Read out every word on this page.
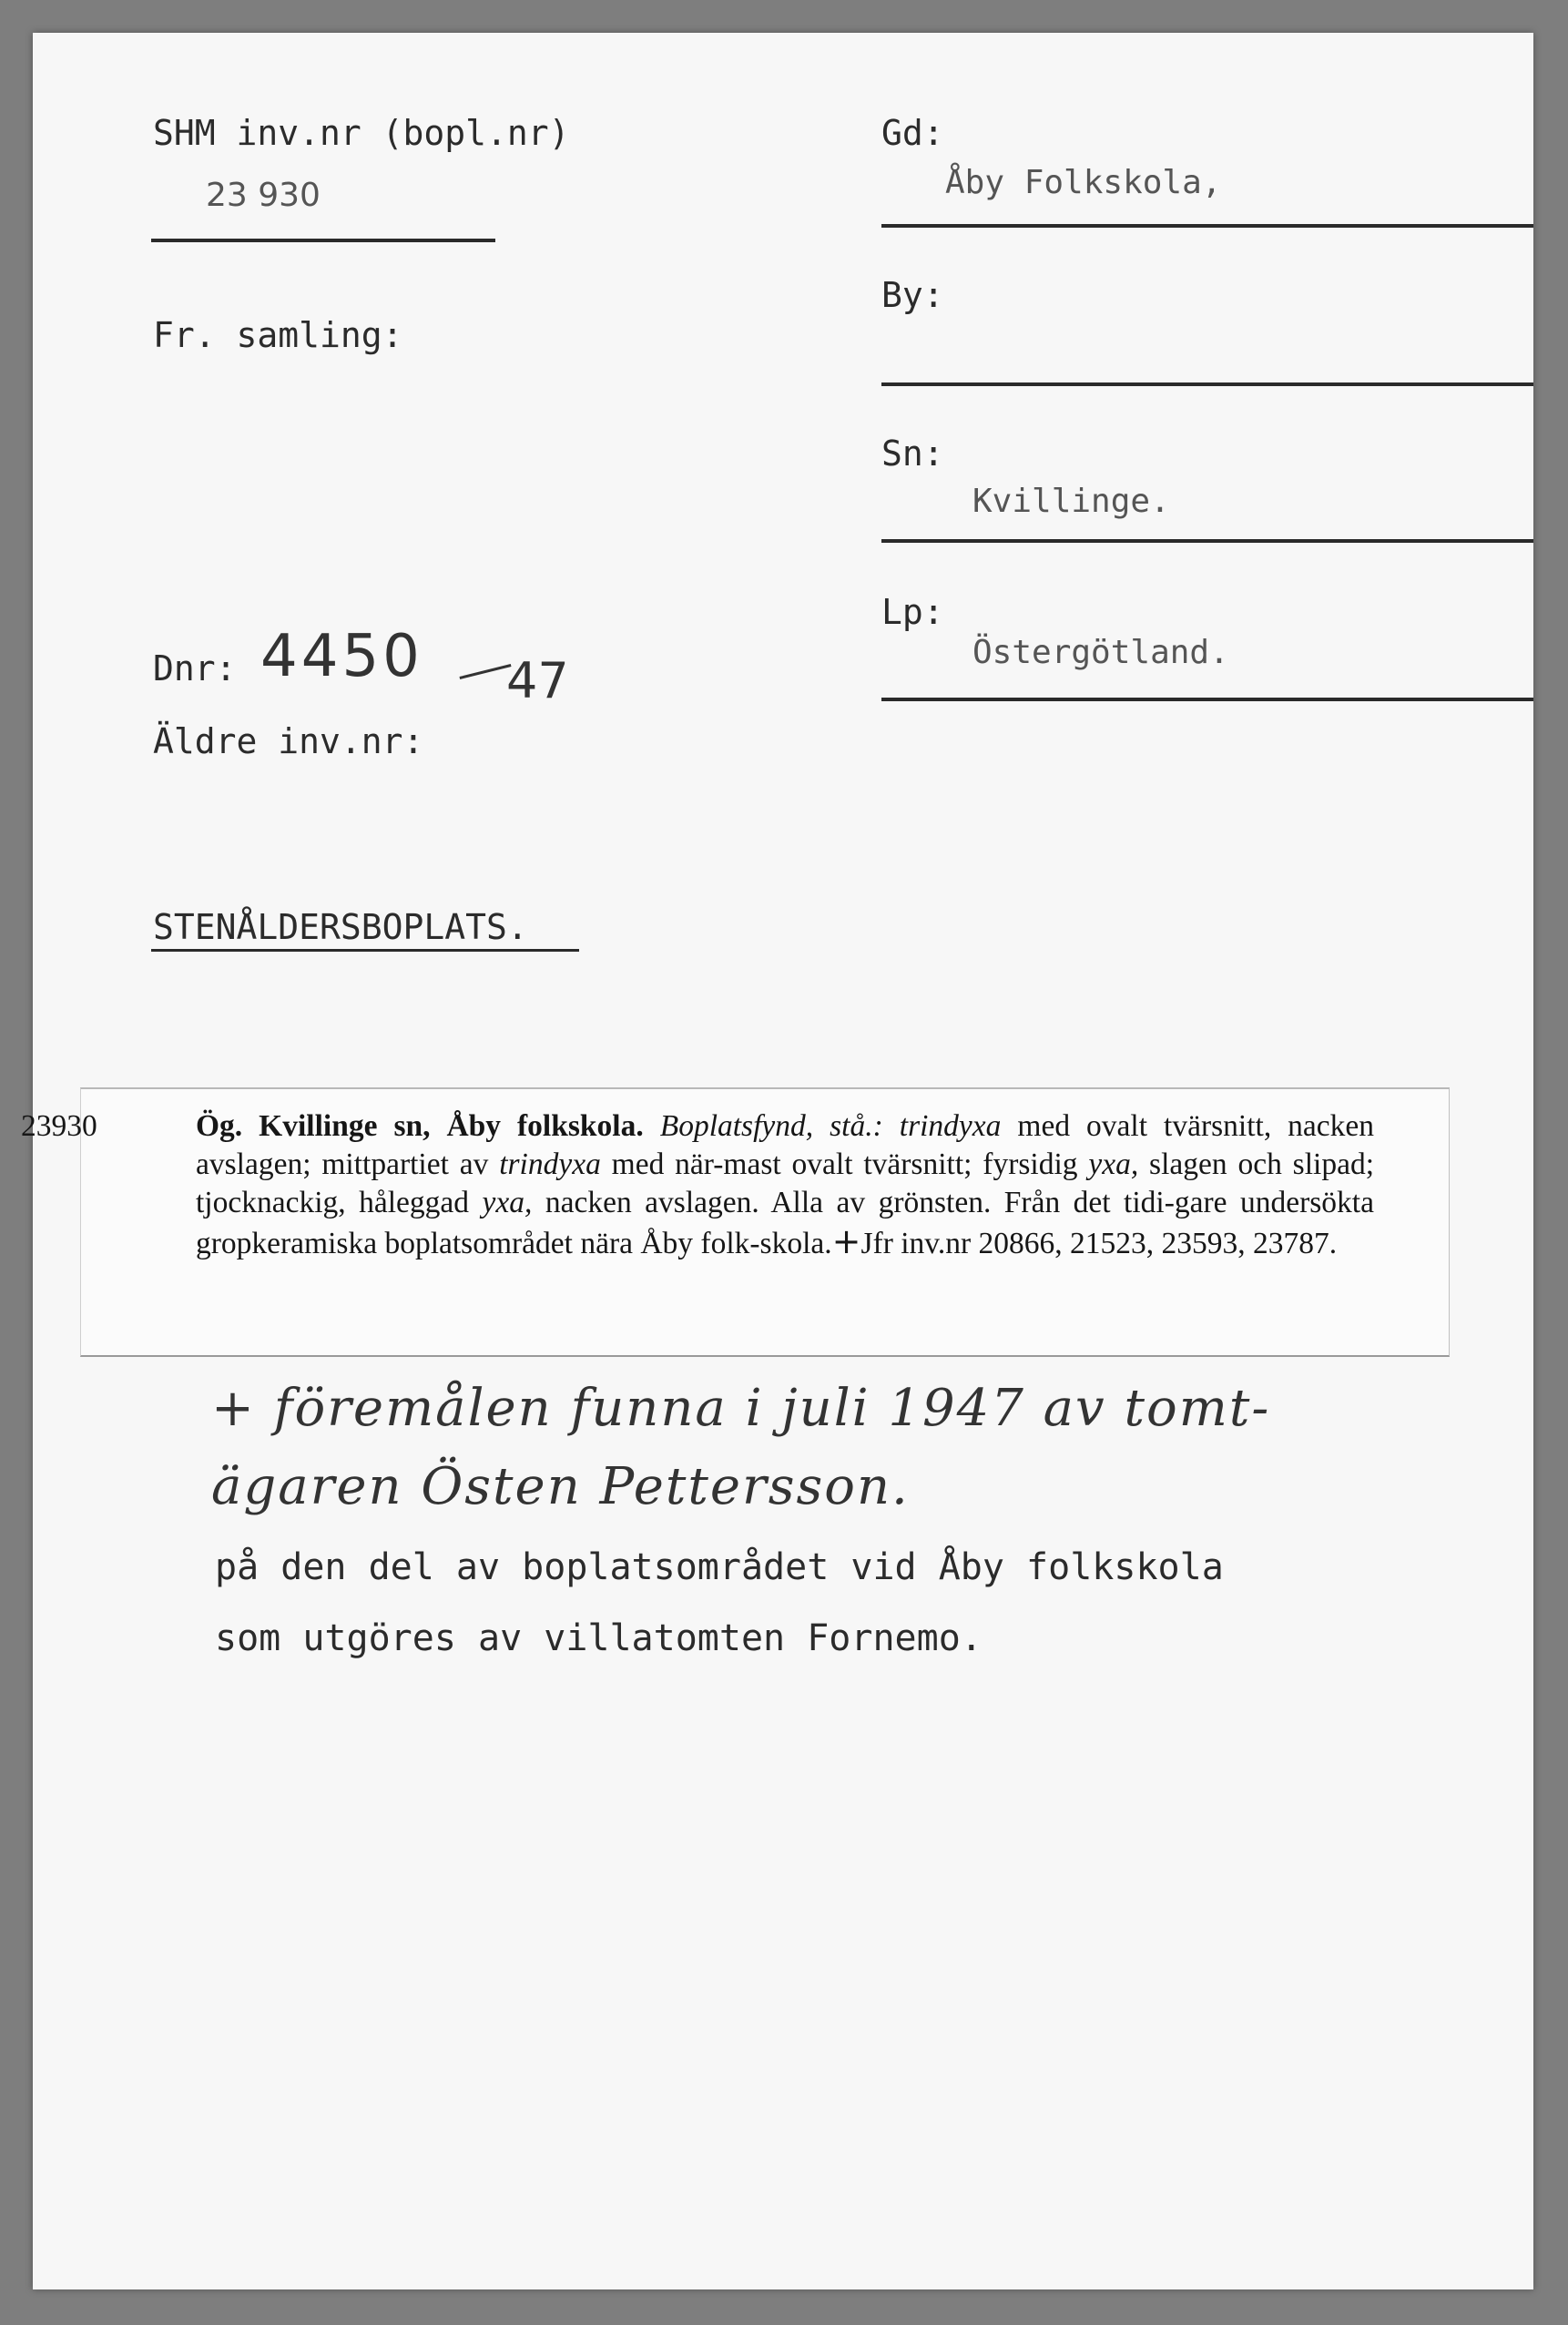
SHM inv.nr (bopl.nr)
23 930
Fr. samling:
Dnr: 4450 47
Äldre inv.nr:
STENÅLDERSBOPLATS.
Gd:
Åby Folkskola,
By:
Sn:
Kvillinge.
Lp:
Östergötland.
23930	Ög. Kvillinge sn, Åby folkskola. Boplatsfynd, stå.: trindyxa med ovalt tvärsnitt, nacken avslagen; mittpartiet av trindyxa med när-mast ovalt tvärsnitt; fyrsidig yxa, slagen och slipad; tjocknackig, håleggad yxa, nacken avslagen. Alla av grönsten. Från det tidi-gare undersökta gropkeramiska boplatsområdet nära Åby folk-skola.+Jfr inv.nr 20866, 21523, 23593, 23787.
+ föremålen funna i juli 1947 av tomt-
ägaren Östen Pettersson.
på den del av boplatsområdet vid Åby folkskola
som utgöres av villatomten Fornemo.
